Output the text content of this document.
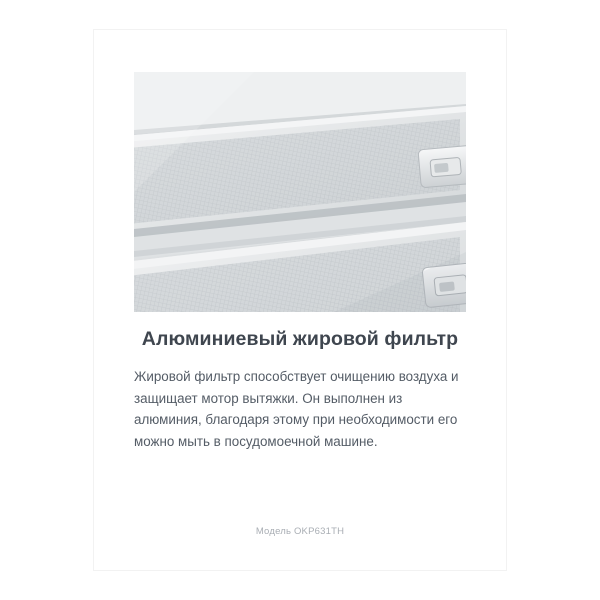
Алюминиевый жировой фильтр
Жировой фильтр способствует очищению воздуха и защищает мотор вытяжки. Он выполнен из алюминия, благодаря этому при необходимости его можно мыть в посудомоечной машине.
Модель OKP631TH
